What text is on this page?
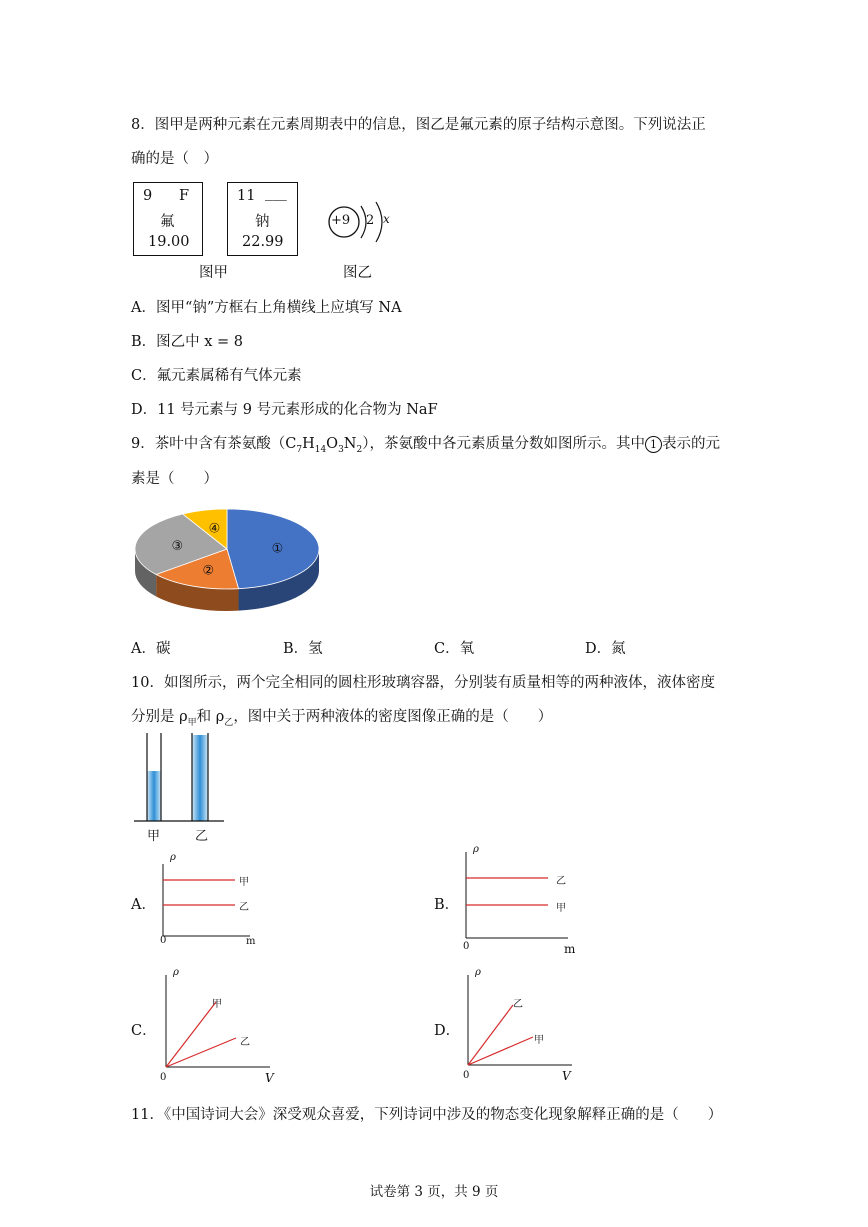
8．图甲是两种元素在元素周期表中的信息，图乙是氟元素的原子结构示意图。下列说法正
确的是（　）
9 F
氟
19.00
11 ___
钠
22.99
+9 2 x
图甲	图乙
A．图甲“钠”方框右上角横线上应填写 NA
B．图乙中 x = 8
C．氟元素属稀有气体元素
D．11 号元素与 9 号元素形成的化合物为 NaF
9．茶叶中含有茶氨酸$(C_7H_{14}O_3N_2)$，茶氨酸中各元素质量分数如图所示。其中 1 表示的元
素是（　　）
①
②
③
④
A．碳	B．氢	C．氧	D．氮
10．如图所示，两个完全相同的圆柱形玻璃容器，分别装有质量相等的两种液体，液体密度
分别是 $\rho_甲$和 $\rho_乙$，图中关于两种液体的密度图像正确的是（　　）
甲	乙
A．
ρ
m
0
甲
乙	B．
ρ
m
0
乙
甲
C．
ρ
V
0
甲
乙
D．
ρ
V
0
乙
甲
11．《中国诗词大会》深受观众喜爱，下列诗词中涉及的物态变化现象解释正确的是（　　）
试卷第 3 页，共 9 页
